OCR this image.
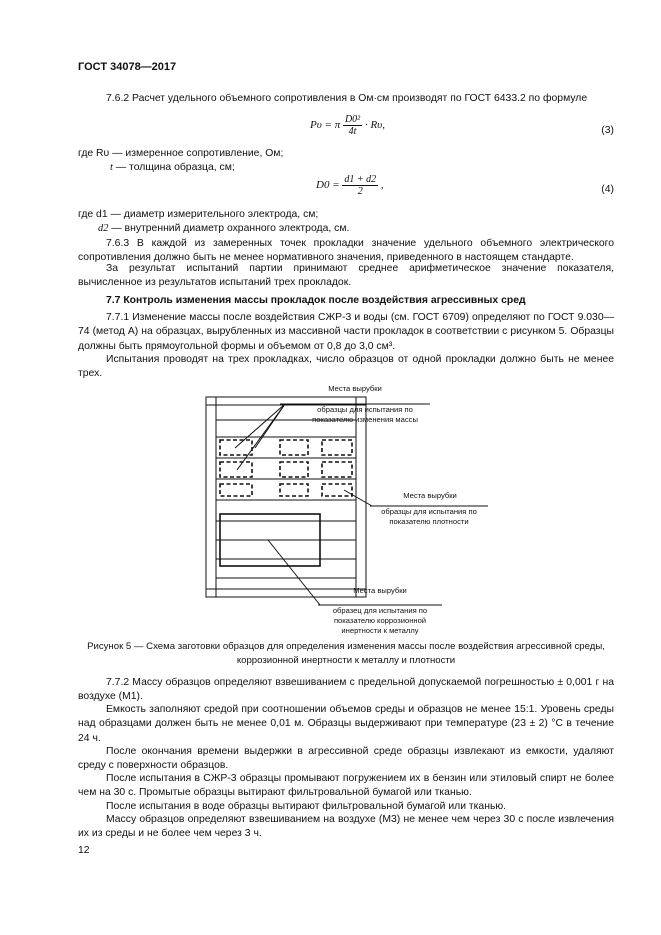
ГОСТ 34078—2017
7.6.2 Расчет удельного объемного сопротивления в Ом·см производят по ГОСТ 6433.2 по формуле
Pυ = π $\frac{\text{D0²}}{4t} \cdot R\upsilon$,	(3)
где Rυ — измеренное сопротивление, Ом;
t — толщина образца, см;
$D0 = \frac{d1 + d2}{2}$ ,	(4)
где d1 — диаметр измерительного электрода, см;
d2 — внутренний диаметр охранного электрода, см.
7.6.3 В каждой из замеренных точек прокладки значение удельного объемного электрического сопротивления должно быть не менее нормативного значения, приведенного в настоящем стандарте.
За результат испытаний партии принимают среднее арифметическое значение показателя, вычисленное из результатов испытаний трех прокладок.
7.7 Контроль изменения массы прокладок после воздействия агрессивных сред
7.7.1 Изменение массы после воздействия СЖР-3 и воды (см. ГОСТ 6709) определяют по ГОСТ 9.030—74 (метод А) на образцах, вырубленных из массивной части прокладок в соответствии с рисунком 5. Образцы должны быть прямоугольной формы и объемом от 0,8 до 3,0 см³.
Испытания проводят на трех прокладках, число образцов от одной прокладки должно быть не менее трех.
Места вырубки
образцы для испытания по показателю изменения массы
Места вырубки
образцы для испытания по показателю плотности
Места вырубки
образец для испытания по показателю коррозионной инертности к металлу
Рисунок 5 — Схема заготовки образцов для определения изменения массы после воздействия агрессивной среды, коррозионной инертности к металлу и плотности
7.7.2 Массу образцов определяют взвешиванием с предельной допускаемой погрешностью ± 0,001 г на воздухе (M1).
Емкость заполняют средой при соотношении объемов среды и образцов не менее 15:1. Уровень среды над образцами должен быть не менее 0,01 м. Образцы выдерживают при температуре (23 ± 2) °С в течение 24 ч.
После окончания времени выдержки в агрессивной среде образцы извлекают из емкости, удаляют среду с поверхности образцов.
После испытания в СЖР-3 образцы промывают погружением их в бензин или этиловый спирт не более чем на 30 с. Промытые образцы вытирают фильтровальной бумагой или тканью.
После испытания в воде образцы вытирают фильтровальной бумагой или тканью.
Массу образцов определяют взвешиванием на воздухе (M3) не менее чем через 30 с после извлечения их из среды и не более чем через 3 ч.
12
